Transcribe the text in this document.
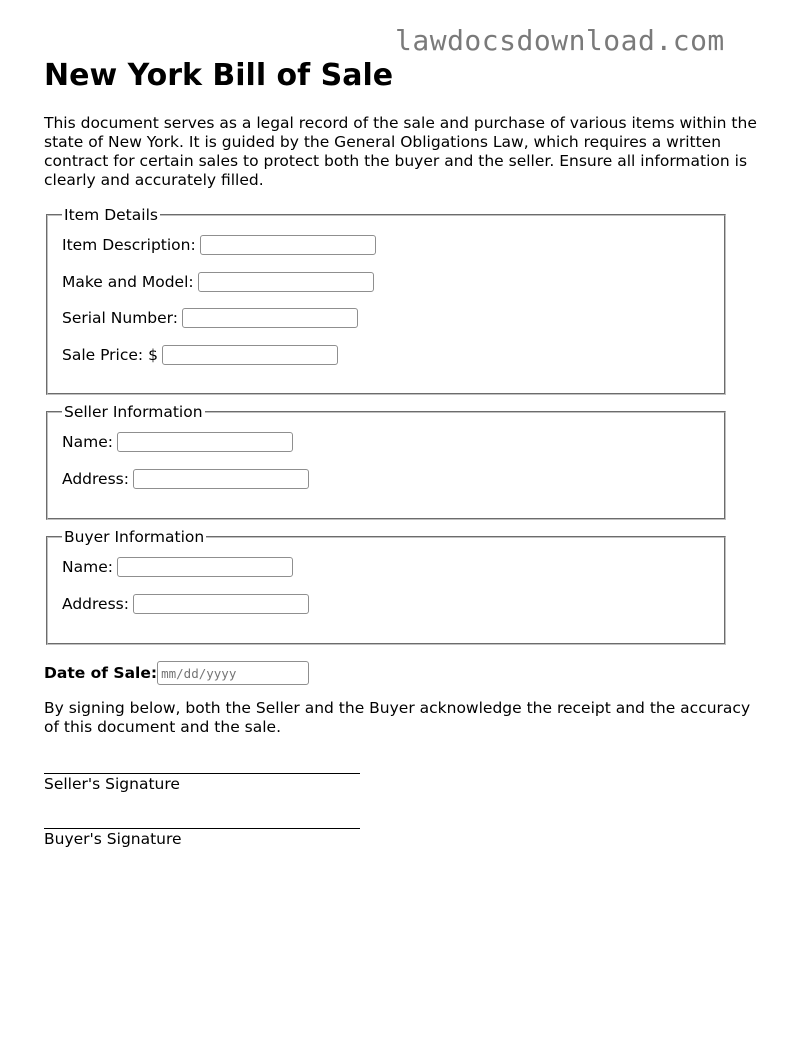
lawdocsdownload.com
New York Bill of Sale

This document serves as a legal record of the sale and purchase of various items within the state of New York. It is guided by the General Obligations Law, which requires a written contract for certain sales to protect both the buyer and the seller. Ensure all information is clearly and accurately filled.

Item Details
Item Description:
Make and Model:
Serial Number:
Sale Price: $
Seller Information
Name:
Address:
Buyer Information
Name:
Address:
Date of Sale:
mm/dd/yyyy

By signing below, both the Seller and the Buyer acknowledge the receipt and the accuracy of this document and the sale.

Seller's Signature
Buyer's Signature
